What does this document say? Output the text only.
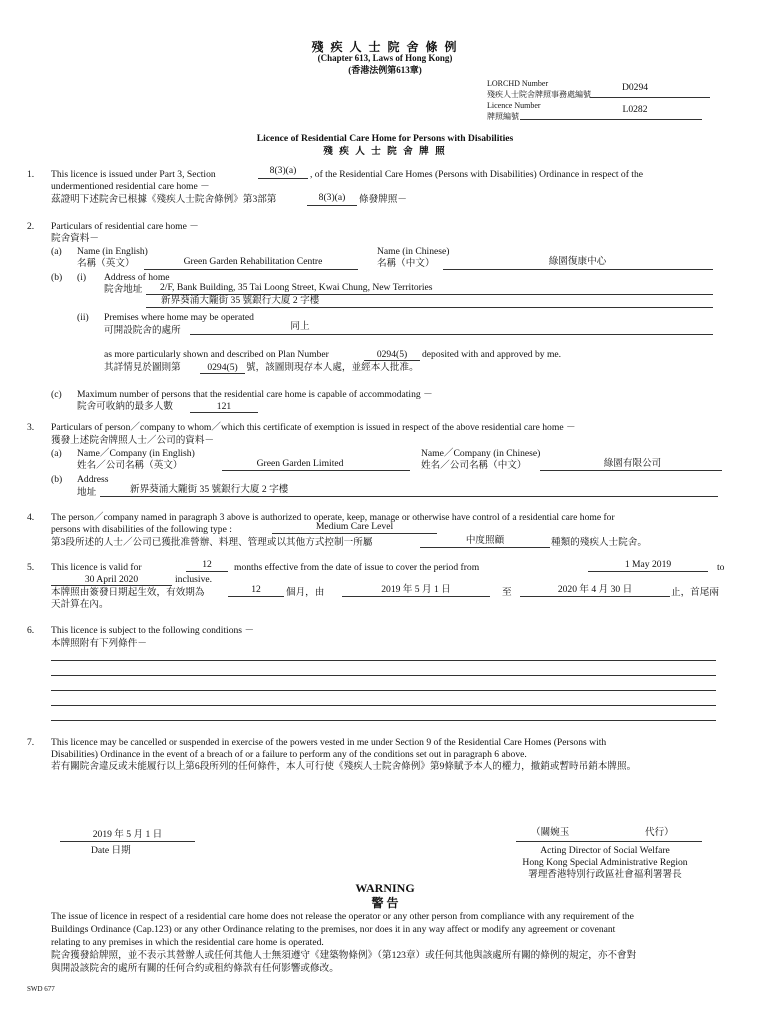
殘 疾 人 士 院 舍 條 例
(Chapter 613, Laws of Hong Kong)
(香港法例第613章)
LORCHD Number
殘疾人士院舍牌照事務處編號
D0294
Licence Number
牌照編號
L0282
Licence of Residential Care Home for Persons with Disabilities
殘 疾 人 士 院 舍 牌 照
1. This licence is issued under Part 3, Section	8(3)(a)	, of the Residential Care Homes (Persons with Disabilities) Ordinance in respect of the
undermentioned residential care home －
茲證明下述院舍已根據《殘疾人士院舍條例》第3部第	8(3)(a)	條發牌照－
2. Particulars of residential care home －
院舍資料－
(a) Name (in English)
名稱（英文）	Green Garden Rehabilitation Centre
Name (in Chinese)
名稱（中文）	綠園復康中心
(b) (i) Address of home
院舍地址 2/F, Bank Building, 35 Tai Loong Street, Kwai Chung, New Territories
新界葵涌大隴街 35 號銀行大廈 2 字樓
(ii) Premises where home may be operated
可開設院舍的處所	同上
as more particularly shown and described on Plan Number	0294(5)	deposited with and approved by me.
其詳情見於圖則第	0294(5) 號，該圖則現存本人處，並經本人批准。
(c) Maximum number of persons that the residential care home is capable of accommodating －
院舍可收納的最多人數	121
3. Particulars of person／company to whom／which this certificate of exemption is issued in respect of the above residential care home －
獲發上述院舍牌照人士／公司的資料－
(a) Name／Company (in English)
姓名／公司名稱（英文）	Green Garden Limited
Name／Company (in Chinese)
姓名／公司名稱（中文）	綠園有限公司
(b) Address
地址	新界葵涌大隴街 35 號銀行大廈 2 字樓
4. The person／company named in paragraph 3 above is authorized to operate, keep, manage or otherwise have control of a residential care home for
persons with disabilities of the following type :	Medium Care Level
第3段所述的人士／公司已獲批准營辦、料理、管理或以其他方式控制一所屬	中度照顧	種類的殘疾人士院舍。
5. This licence is valid for	12	months effective from the date of issue to cover the period from	1 May 2019	to
30 April 2020	inclusive.
本牌照由簽發日期起生效，有效期為	12	個月，由	2019 年 5 月 1 日	至	2020 年 4 月 30 日	止，首尾兩
天計算在內。
6. This licence is subject to the following conditions －
本牌照附有下列條件－
7. This licence may be cancelled or suspended in exercise of the powers vested in me under Section 9 of the Residential Care Homes (Persons with
Disabilities) Ordinance in the event of a breach of or a failure to perform any of the conditions set out in paragraph 6 above.
若有關院舍違反或未能履行以上第6段所列的任何條件，本人可行使《殘疾人士院舍條例》第9條賦予本人的權力，撤銷或暫時吊銷本牌照。
2019 年 5 月 1 日
Date 日期
（關婉玉	代行）
Acting Director of Social Welfare
Hong Kong Special Administrative Region
署理香港特別行政區社會福利署署長
WARNING
警 告
The issue of licence in respect of a residential care home does not release the operator or any other person from compliance with any requirement of the
Buildings Ordinance (Cap.123) or any other Ordinance relating to the premises, nor does it in any way affect or modify any agreement or covenant
relating to any premises in which the residential care home is operated.
院舍獲發給牌照，並不表示其營辦人或任何其他人士無須遵守《建築物條例》（第123章）或任何其他與該處所有關的條例的規定，亦不會對
與開設該院舍的處所有關的任何合約或租約條款有任何影響或修改。
SWD 677
